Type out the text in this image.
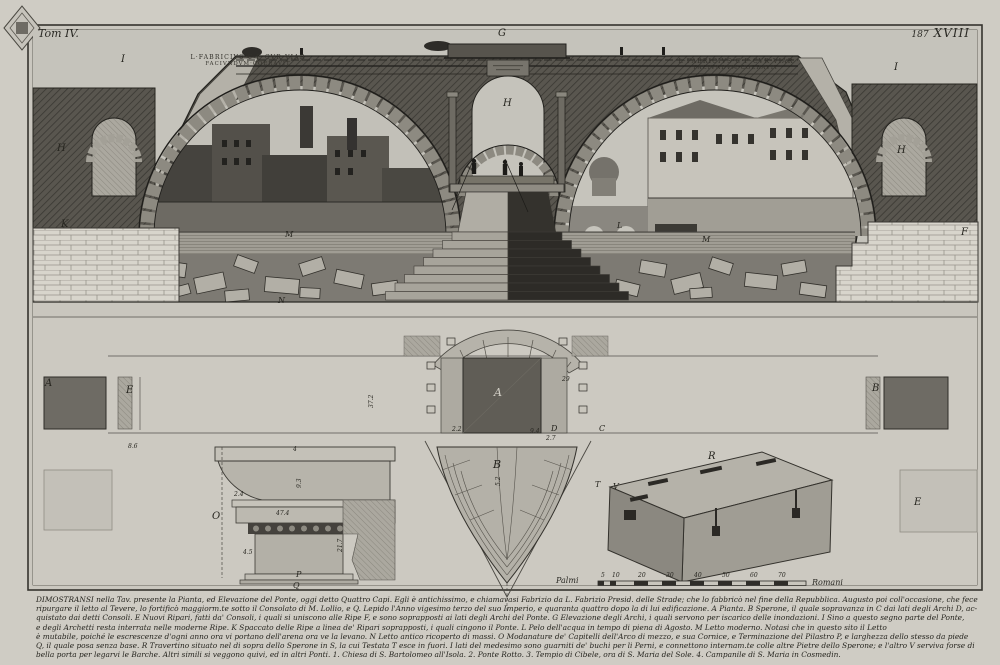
Tom IV.	187 XVIII
L·FABRICIVS·C·F·CVR·VIAR
FACIVNDVM·COERAVIT	L·FABRICIVS·C·F·CVR·VIAR
FACIVNDVM·COERAVIT
G
I
I
H
H	H
K	L
M
M
N
F
A
B
D	C
A
E	B
E
O
P
Q
R
T V
37.2
29
2.2	9.4
2.7
5.2
8.6	4
9.3
2.4
47.4
4.5
21.7
Palmi	Romani
5 10	20	30	40	50	60	70
DIMOSTRANSI nella Tav. presente la Pianta, ed Elevazione del Ponte, oggi detto Quattro Capi. Egli è antichissimo, e chiamavasi Fabrizio da L. Fabrizio Presid. delle Strade; che lo fabbricò nel fine della Repubblica. Augusto poi coll'occasione, che fece
ripurgare il letto al Tevere, lo fortificò maggiorm.te sotto il Consolato di M. Lollio, e Q. Lepido l'Anno vigesimo terzo del suo Imperio, e quaranta quattro dopo la di lui edificazione. A Pianta. B Sperone, il quale sopravanza in C dai lati degli Archi D, ac-
quistato dai detti Consoli. E Nuovi Ripari, fatti da' Consoli, i quali si uniscono alle Ripe F, e sono soprapposti ai lati degli Archi del Ponte. G Elevazione degli Archi, i quali servono per iscarico delle inondazioni. I Sino a questo segno parte del Ponte,
e degli Archetti resta interrata nelle moderne Ripe. K Spaccato delle Ripe a linea de' Ripari soprapposti, i quali cingono il Ponte. L Pelo dell'acqua in tempo di piena di Agosto. M Letto moderno. Notasi che in questo sito il Letto
è mutabile, poiché le escrescenze d'ogni anno ora vi portano dell'arena ora ve la levano. N Letto antico ricoperto di massi. O Modanature de' Capitelli dell'Arco di mezzo, e sua Cornice, e Terminazione del Pilastro P, e larghezza dello stesso da piede
Q, il quale posa senza base. R Travertino situato nel di sopra dello Sperone in S, la cui Testata T esce in fuori. I lati del medesimo sono guarniti de' buchi per li Perni, e connettono internam.te colle altre Pietre dello Sperone; e l'altro V serviva forse di
bella porta per legarvi le Barche. Altri simili si veggono quivi, ed in altri Ponti. 1. Chiesa di S. Bartolomeo all'Isola. 2. Ponte Rotto. 3. Tempio di Cibele, ora di S. Maria del Sole. 4. Campanile di S. Maria in Cosmedin.
